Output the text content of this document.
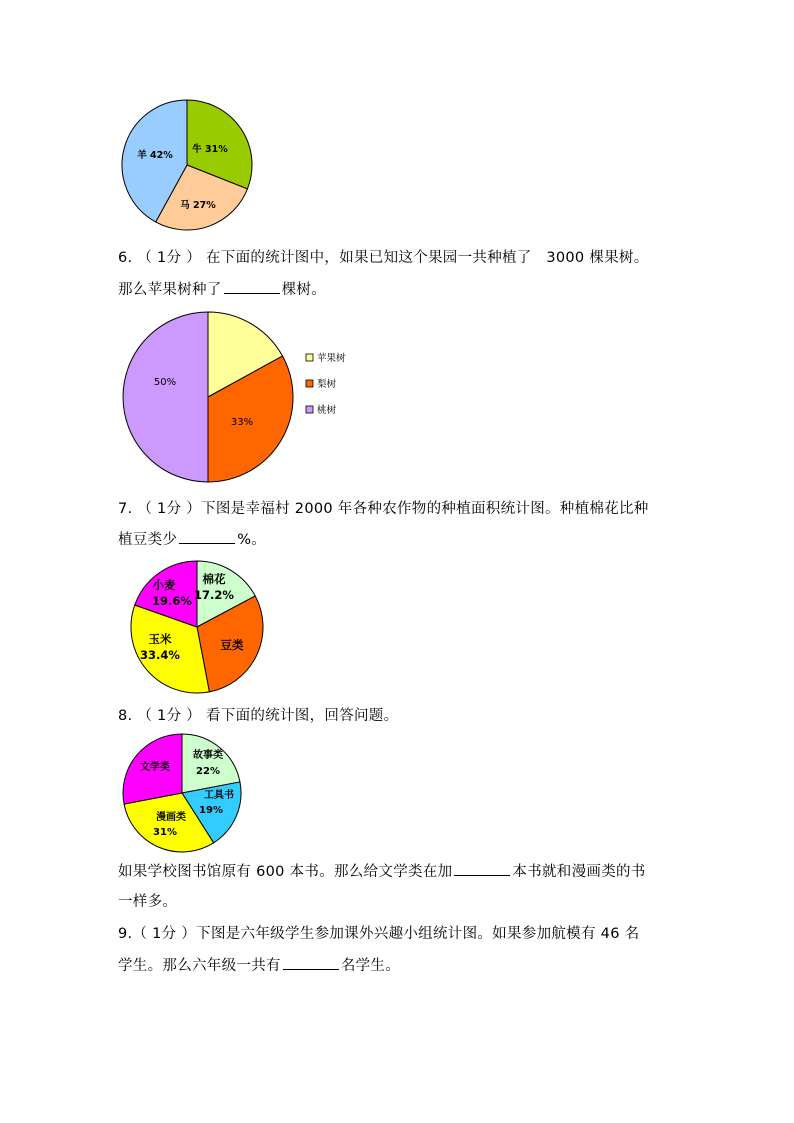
牛 31%
马 27%
羊 42%
6. （ 1分 ） 在下面的统计图中，如果已知这个果园一共种植了   3000 棵果树。
那么苹果树种了	棵树。
33%
50%
苹果树
梨树
桃树
7. （ 1分 ）下图是幸福村 2000 年各种农作物的种植面积统计图。种植棉花比种
植豆类少	%。
棉花
17.2%
豆类
玉米
33.4%
小麦
19.6%
8. （ 1分 ） 看下面的统计图，回答问题。
故事类
22%
工具书
19%
漫画类
31%
文学类
如果学校图书馆原有 600 本书。那么给文学类在加	本书就和漫画类的书
一样多。
9.（ 1分 ）下图是六年级学生参加课外兴趣小组统计图。如果参加航模有 46 名
学生。那么六年级一共有	名学生。
